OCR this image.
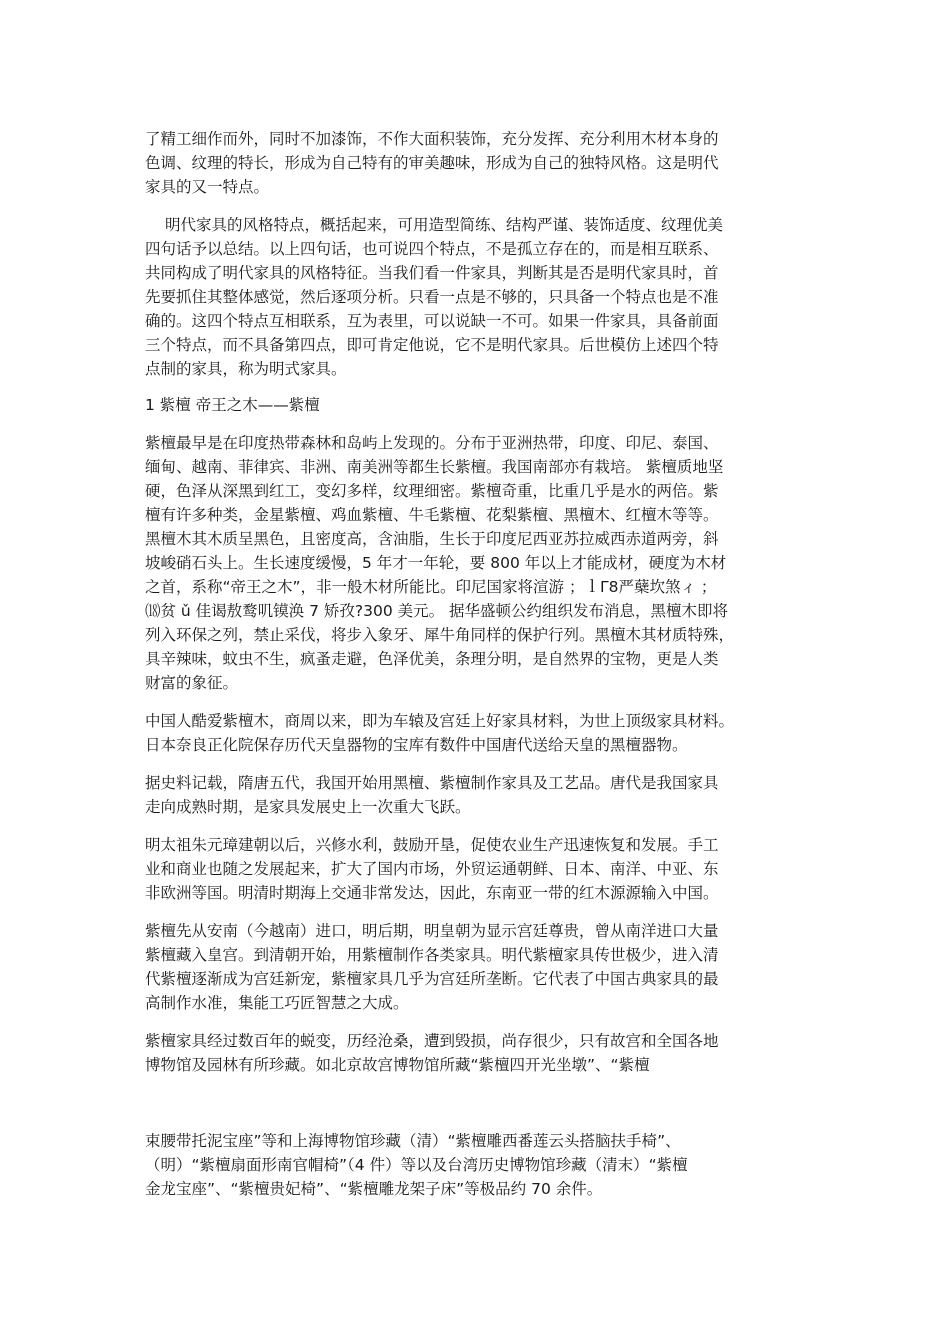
了精工细作而外，同时不加漆饰，不作大面积装饰，充分发挥、充分利用木材本身的
色调、纹理的特长，形成为自己特有的审美趣味，形成为自己的独特风格。这是明代
家具的又一特点。
明代家具的风格特点，概括起来，可用造型简练、结构严谨、装饰适度、纹理优美
四句话予以总结。以上四句话，也可说四个特点，不是孤立存在的，而是相互联系、
共同构成了明代家具的风格特征。当我们看一件家具，判断其是否是明代家具时，首
先要抓住其整体感觉，然后逐项分析。只看一点是不够的，只具备一个特点也是不准
确的。这四个特点互相联系，互为表里，可以说缺一不可。如果一件家具，具备前面
三个特点，而不具备第四点，即可肯定他说，它不是明代家具。后世模仿上述四个特
点制的家具，称为明式家具。
1 紫檀 帝王之木——紫檀
紫檀最早是在印度热带森林和岛屿上发现的。分布于亚洲热带，印度、印尼、泰国、
缅甸、越南、菲律宾、非洲、南美洲等都生长紫檀。我国南部亦有栽培。 紫檀质地坚
硬，色泽从深黑到红工，变幻多样，纹理细密。紫檀奇重，比重几乎是水的两倍。紫
檀有许多种类，金星紫檀、鸡血紫檀、牛毛紫檀、花梨紫檀、黑檀木、红檀木等等。
黑檀木其木质呈黑色，且密度高，含油脂，生长于印度尼西亚苏拉威西赤道两旁，斜
坡峻硝石头上。生长速度缓慢，5 年才一年轮，要 800 年以上才能成材，硬度为木材
之首，系称“帝王之木”，非一般木材所能比。印尼国家将渲游 ；ｌΓ8严蘖坎煞ィ ；
⒅贫 ǔ 佳谒敖鹜叽镆涣 7 矫孜?300 美元。 据华盛顿公约组织发布消息，黑檀木即将
列入环保之列，禁止采伐，将步入象牙、犀牛角同样的保护行列。黑檀木其材质特殊，
具辛辣味，蚊虫不生，疯蚤走避，色泽优美，条理分明，是自然界的宝物，更是人类
财富的象征。
中国人酷爱紫檀木，商周以来，即为车辕及宫廷上好家具材料，为世上顶级家具材料。
日本奈良正化院保存历代天皇器物的宝库有数件中国唐代送给天皇的黑檀器物。
据史料记载，隋唐五代，我国开始用黑檀、紫檀制作家具及工艺品。唐代是我国家具
走向成熟时期，是家具发展史上一次重大飞跃。
明太祖朱元璋建朝以后，兴修水利，鼓励开垦，促使农业生产迅速恢复和发展。手工
业和商业也随之发展起来，扩大了国内市场，外贸运通朝鲜、日本、南洋、中亚、东
非欧洲等国。明清时期海上交通非常发达，因此，东南亚一带的红木源源输入中国。
紫檀先从安南（今越南）进口，明后期，明皇朝为显示宫廷尊贵，曾从南洋进口大量
紫檀藏入皇宫。到清朝开始，用紫檀制作各类家具。明代紫檀家具传世极少，进入清
代紫檀逐渐成为宫廷新宠，紫檀家具几乎为宫廷所垄断。它代表了中国古典家具的最
高制作水准，集能工巧匠智慧之大成。
紫檀家具经过数百年的蜕变，历经沧桑，遭到毁损，尚存很少，只有故宫和全国各地
博物馆及园林有所珍藏。如北京故宫博物馆所藏“紫檀四开光坐墩”、“紫檀
束腰带托泥宝座”等和上海博物馆珍藏（清）“紫檀雕西番莲云头搭脑扶手椅”、
（明）“紫檀扇面形南官帽椅”（4 件）等以及台湾历史博物馆珍藏（清末）“紫檀
金龙宝座”、“紫檀贵妃椅”、“紫檀雕龙架子床”等极品约 70 余件。
